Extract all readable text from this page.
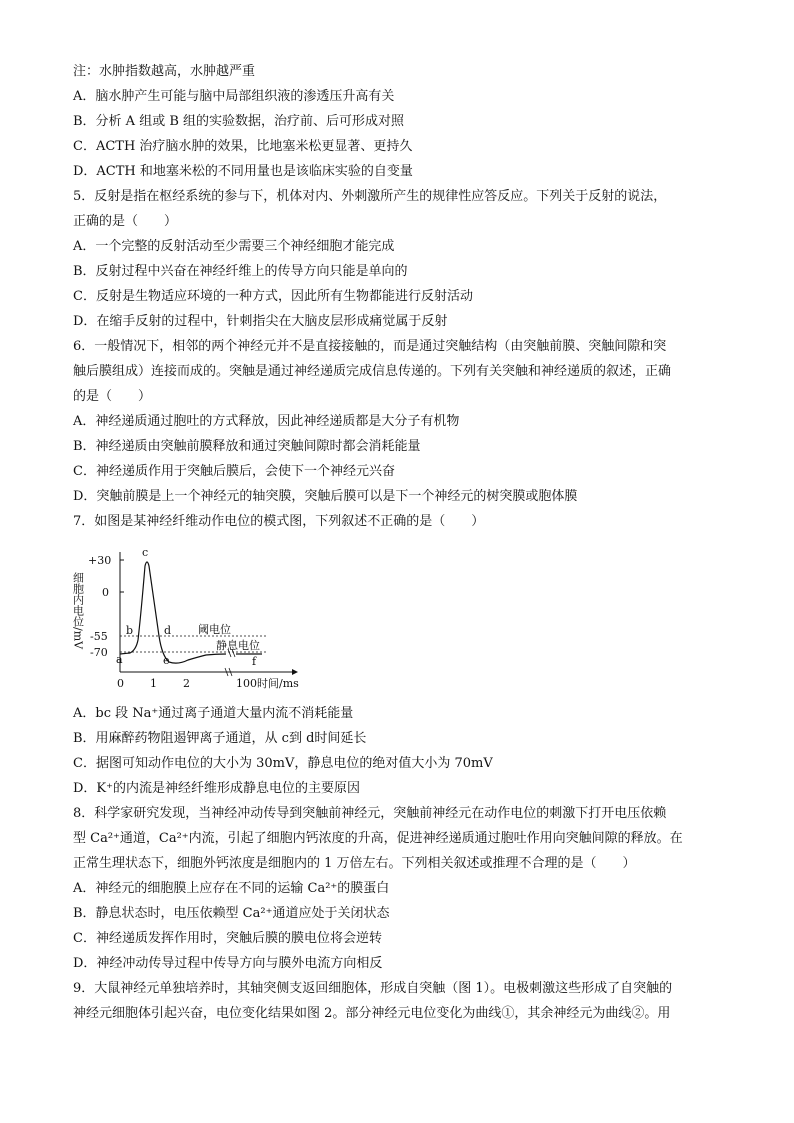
注：水肿指数越高，水肿越严重
A．脑水肿产生可能与脑中局部组织液的渗透压升高有关
B．分析 A 组或 B 组的实验数据，治疗前、后可形成对照
C．ACTH 治疗脑水肿的效果，比地塞米松更显著、更持久
D．ACTH 和地塞米松的不同用量也是该临床实验的自变量
5．反射是指在枢经系统的参与下，机体对内、外刺激所产生的规律性应答反应。下列关于反射的说法，
正确的是（　　）
A．一个完整的反射活动至少需要三个神经细胞才能完成
B．反射过程中兴奋在神经纤维上的传导方向只能是单向的
C．反射是生物适应环境的一种方式，因此所有生物都能进行反射活动
D．在缩手反射的过程中，针刺指尖在大脑皮层形成痛觉属于反射
6．一般情况下，相邻的两个神经元并不是直接接触的，而是通过突触结构（由突触前膜、突触间隙和突
触后膜组成）连接而成的。突触是通过神经递质完成信息传递的。下列有关突触和神经递质的叙述，正确
的是（　　）
A．神经递质通过胞吐的方式释放，因此神经递质都是大分子有机物
B．神经递质由突触前膜释放和通过突触间隙时都会消耗能量
C．神经递质作用于突触后膜后，会使下一个神经元兴奋
D．突触前膜是上一个神经元的轴突膜，突触后膜可以是下一个神经元的树突膜或胞体膜
7．如图是某神经纤维动作电位的模式图，下列叙述不正确的是（　　）
细胞内电位/mV
+30
0
-55
-70
阈电位
静息电位
a
b
c
d
e	f
0 1 2	100 时间/ms
A．bc 段 Na⁺通过离子通道大量内流不消耗能量
B．用麻醉药物阻遏钾离子通道，从 c到 d时间延长
C．据图可知动作电位的大小为 30mV，静息电位的绝对值大小为 70mV
D．K⁺的内流是神经纤维形成静息电位的主要原因
8．科学家研究发现，当神经冲动传导到突触前神经元，突触前神经元在动作电位的刺激下打开电压依赖
型 Ca²⁺通道，Ca²⁺内流，引起了细胞内钙浓度的升高，促进神经递质通过胞吐作用向突触间隙的释放。在
正常生理状态下，细胞外钙浓度是细胞内的 1 万倍左右。下列相关叙述或推理不合理的是（　　）
A．神经元的细胞膜上应存在不同的运输 Ca²⁺的膜蛋白
B．静息状态时，电压依赖型 Ca²⁺通道应处于关闭状态
C．神经递质发挥作用时，突触后膜的膜电位将会逆转
D．神经冲动传导过程中传导方向与膜外电流方向相反
9．大鼠神经元单独培养时，其轴突侧支返回细胞体，形成自突触（图 1）。电极刺激这些形成了自突触的
神经元细胞体引起兴奋，电位变化结果如图 2。部分神经元电位变化为曲线①，其余神经元为曲线②。用
